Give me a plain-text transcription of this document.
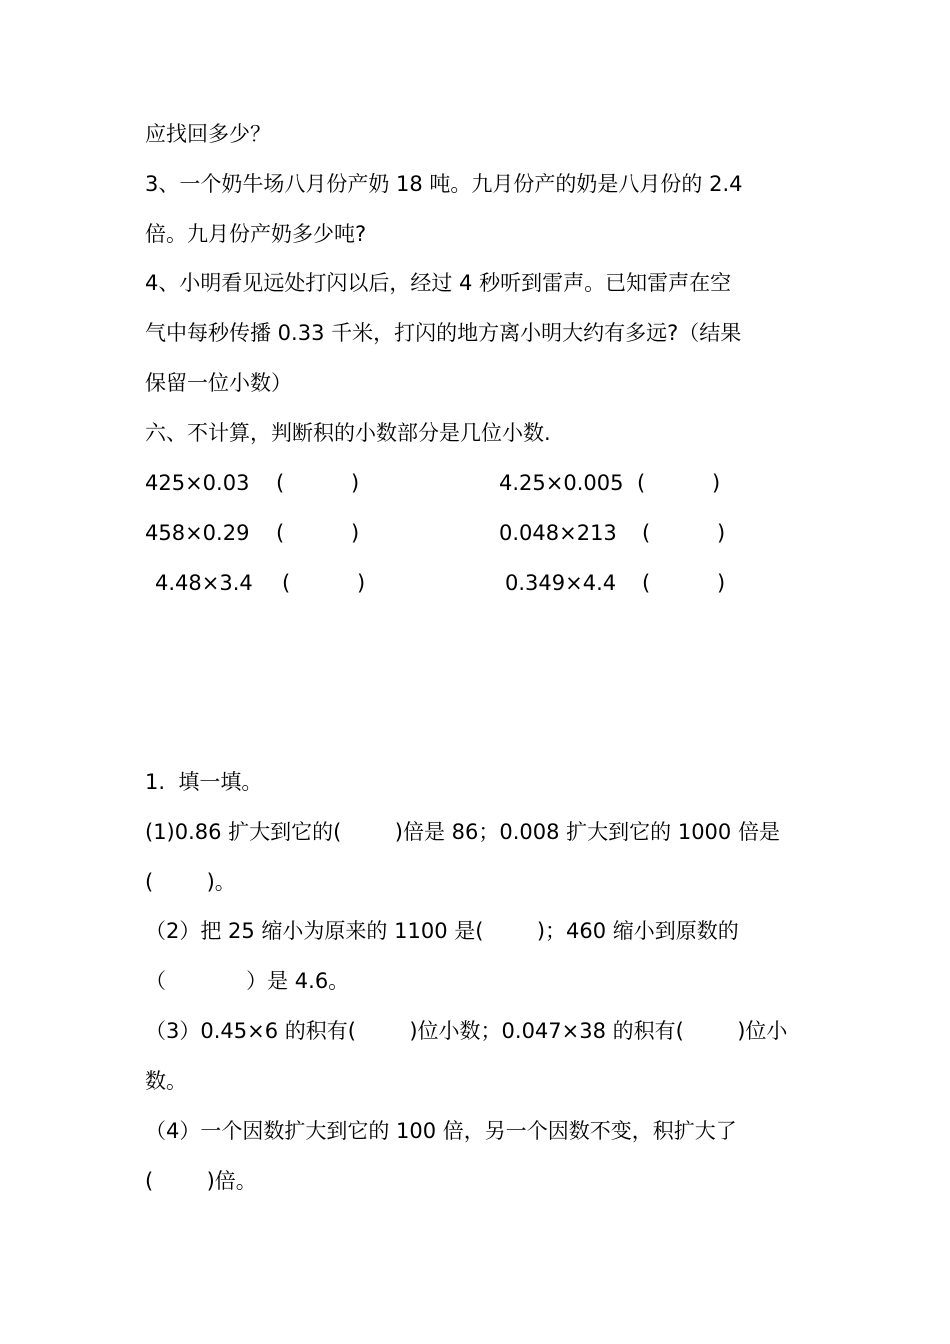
应找回多少？
3、一个奶牛场八月份产奶 18 吨。九月份产的奶是八月份的 2.4
倍。九月份产奶多少吨?
4、小明看见远处打闪以后，经过 4 秒听到雷声。已知雷声在空
气中每秒传播 0.33 千米，打闪的地方离小明大约有多远?（结果
保留一位小数）
六、不计算，判断积的小数部分是几位小数.
425×0.03 (          )	4.25×0.005 (          )
458×0.29 (          )	0.048×213 (          )
4.48×3.4 (          )	0.349×4.4 (          )
1.  填一填。
(1)0.86 扩大到它的(        )倍是 86；0.008 扩大到它的 1000 倍是
(        )。
（2）把 25 缩小为原来的 1100 是(        )；460 缩小到原数的
（            ）是 4.6。
（3）0.45×6 的积有(        )位小数；0.047×38 的积有(        )位小
数。
（4）一个因数扩大到它的 100 倍，另一个因数不变，积扩大了
(        )倍。
